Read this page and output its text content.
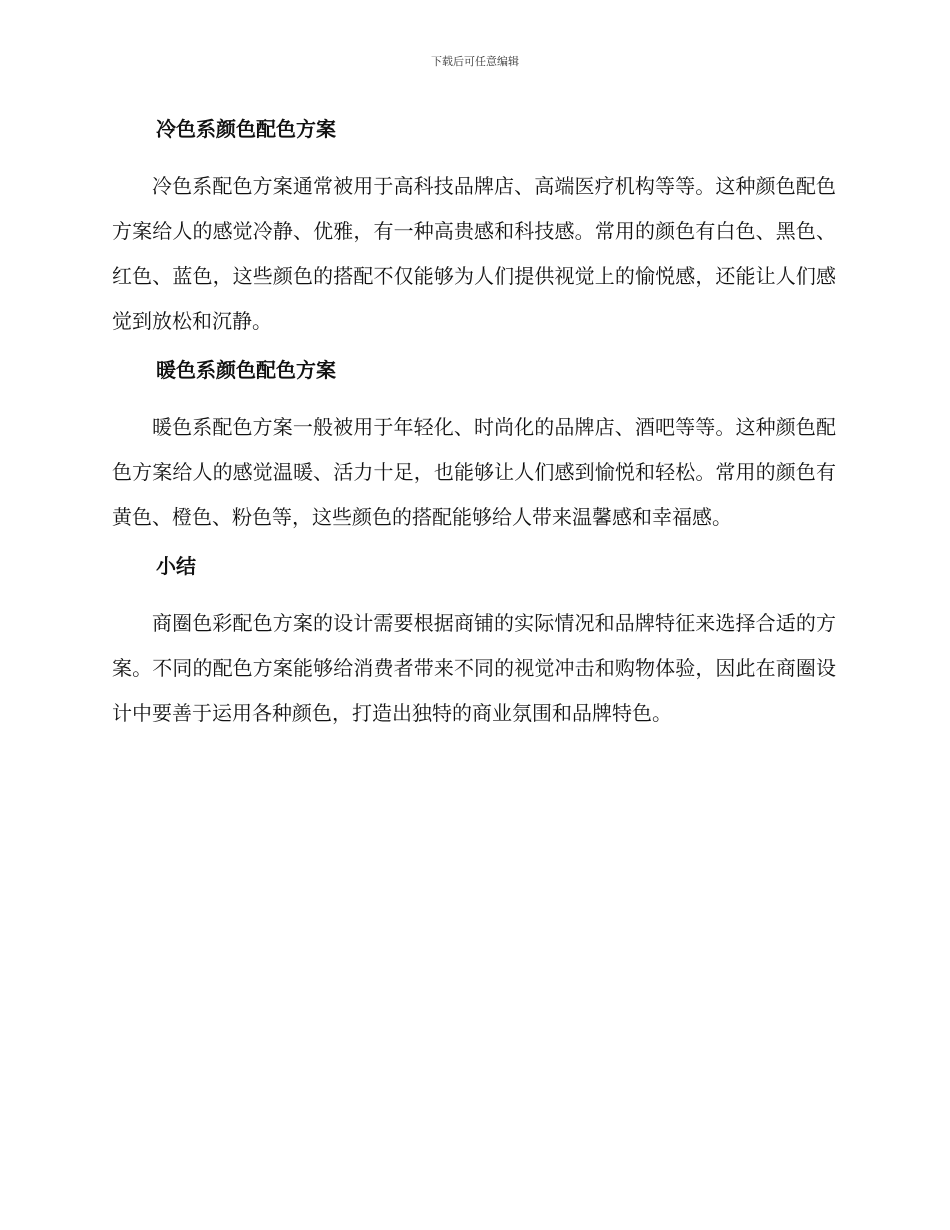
下载后可任意编辑
冷色系颜色配色方案

冷色系配色方案通常被用于高科技品牌店、高端医疗机构等等。这种颜色配色方案给人的感觉冷静、优雅，有一种高贵感和科技感。常用的颜色有白色、黑色、红色、蓝色，这些颜色的搭配不仅能够为人们提供视觉上的愉悦感，还能让人们感觉到放松和沉静。

暖色系颜色配色方案

暖色系配色方案一般被用于年轻化、时尚化的品牌店、酒吧等等。这种颜色配色方案给人的感觉温暖、活力十足，也能够让人们感到愉悦和轻松。常用的颜色有黄色、橙色、粉色等，这些颜色的搭配能够给人带来温馨感和幸福感。

小结

商圈色彩配色方案的设计需要根据商铺的实际情况和品牌特征来选择合适的方案。不同的配色方案能够给消费者带来不同的视觉冲击和购物体验，因此在商圈设计中要善于运用各种颜色，打造出独特的商业氛围和品牌特色。
